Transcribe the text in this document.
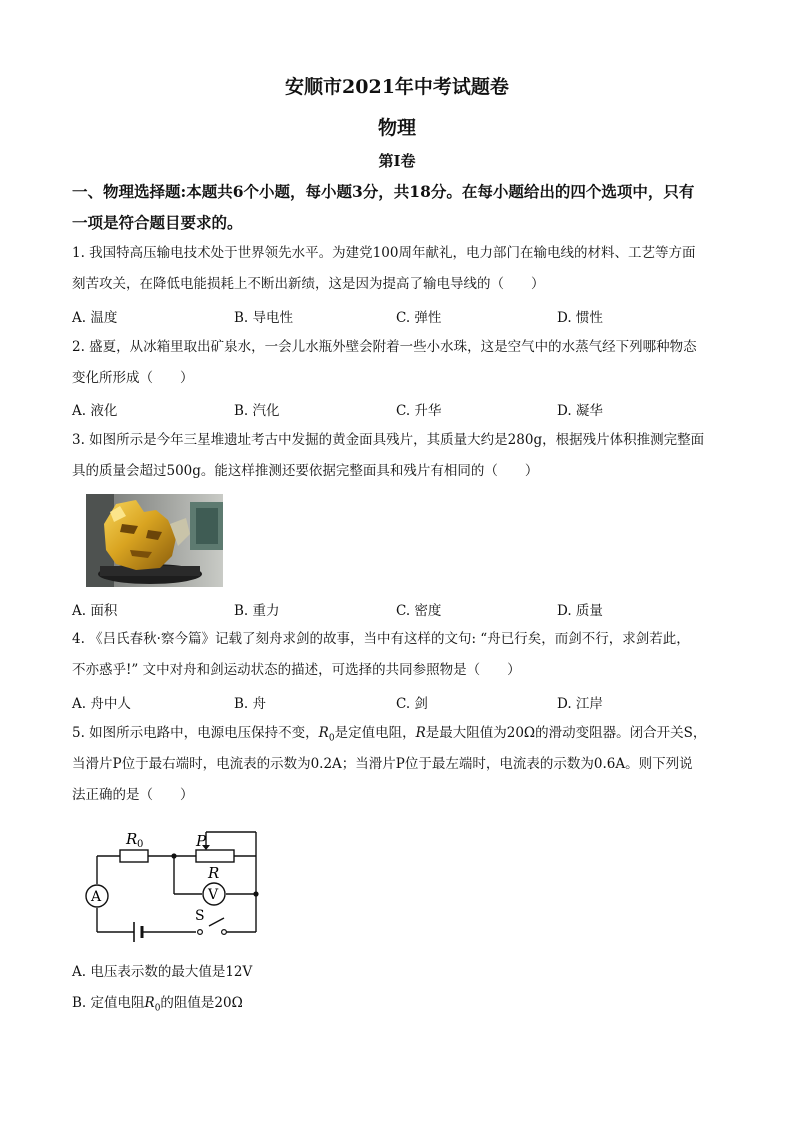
安顺市2021年中考试题卷
物理
第I卷
一、物理选择题:本题共6个小题，每小题3分，共18分。在每小题给出的四个选项中，只有
一项是符合题目要求的。
1. 我国特高压输电技术处于世界领先水平。为建党100周年献礼，电力部门在输电线的材料、工艺等方面
刻苦攻关，在降低电能损耗上不断出新绩，这是因为提高了输电导线的（　　）
A. 温度	B. 导电性	C. 弹性	D. 惯性
2. 盛夏，从冰箱里取出矿泉水，一会儿水瓶外壁会附着一些小水珠，这是空气中的水蒸气经下列哪种物态
变化所形成（　　）
A. 液化	B. 汽化	C. 升华	D. 凝华
3. 如图所示是今年三星堆遗址考古中发掘的黄金面具残片，其质量大约是280g，根据残片体积推测完整面
具的质量会超过500g。能这样推测还要依据完整面具和残片有相同的（　　）
A. 面积	B. 重力	C. 密度	D. 质量
4. 《吕氏春秋·察今篇》记载了刻舟求剑的故事，当中有这样的文句: “舟已行矣，而剑不行，求剑若此，
不亦惑乎!” 文中对舟和剑运动状态的描述，可选择的共同参照物是（　　）
A. 舟中人	B. 舟	C. 剑	D. 江岸
5. 如图所示电路中，电源电压保持不变，$R_0$是定值电阻，R是最大阻值为20Ω的滑动变阻器。闭合开关S，
当滑片P位于最右端时，电流表的示数为0.2A；当滑片P位于最左端时，电流表的示数为0.6A。则下列说
法正确的是（　　）
R 0	P
R
A	V
S
A. 电压表示数的最大值是12V
B. 定值电阻$R_0$的阻值是20Ω
